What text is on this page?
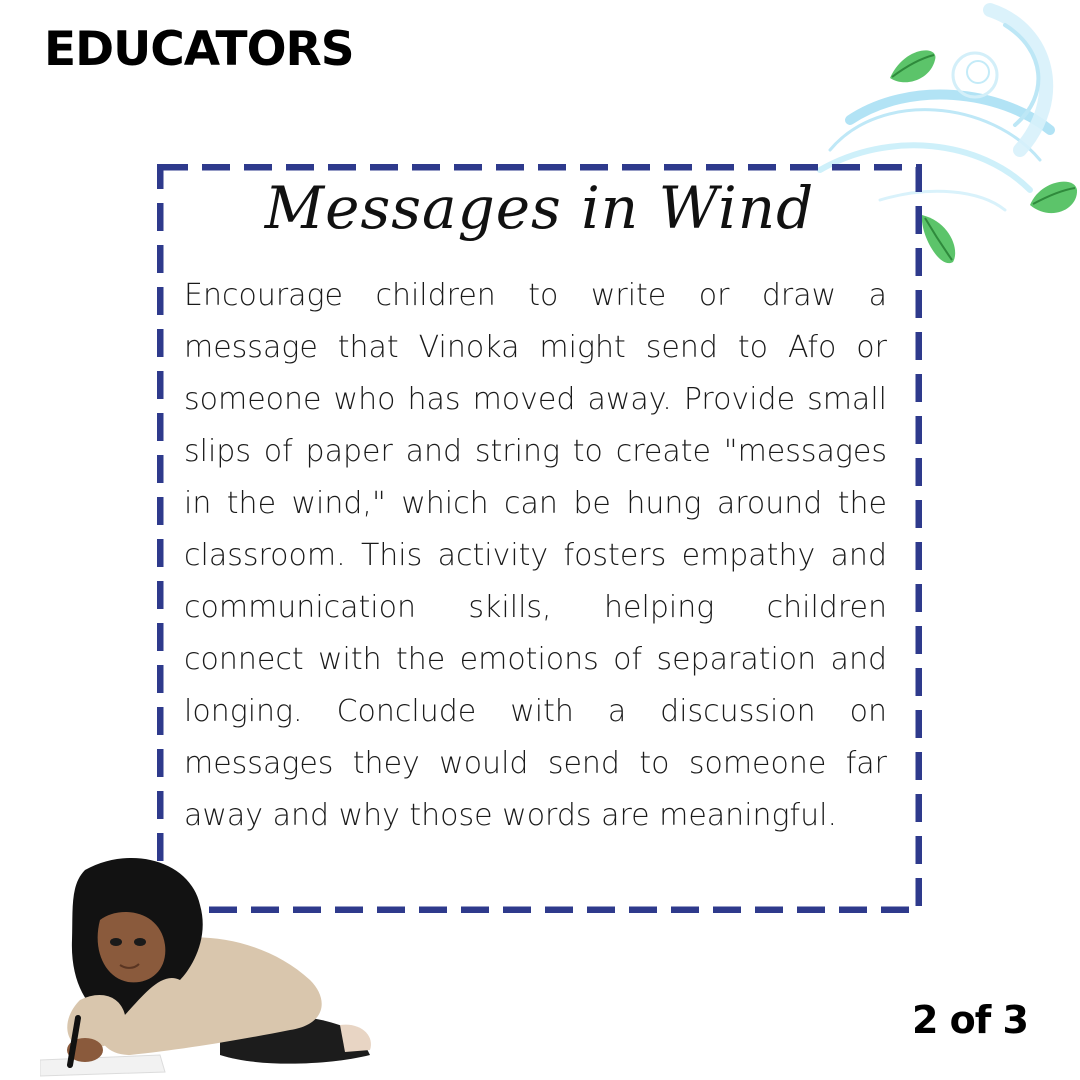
EDUCATORS
Messages in Wind

Encourage children to write or draw a message that Vinoka might send to Afo or someone who has moved away. Provide small slips of paper and string to create "messages in the wind," which can be hung around the classroom. This activity fosters empathy and communication skills, helping children connect with the emotions of separation and longing. Conclude with a discussion on messages they would send to someone far away and why those words are meaningful.

2 of 3
